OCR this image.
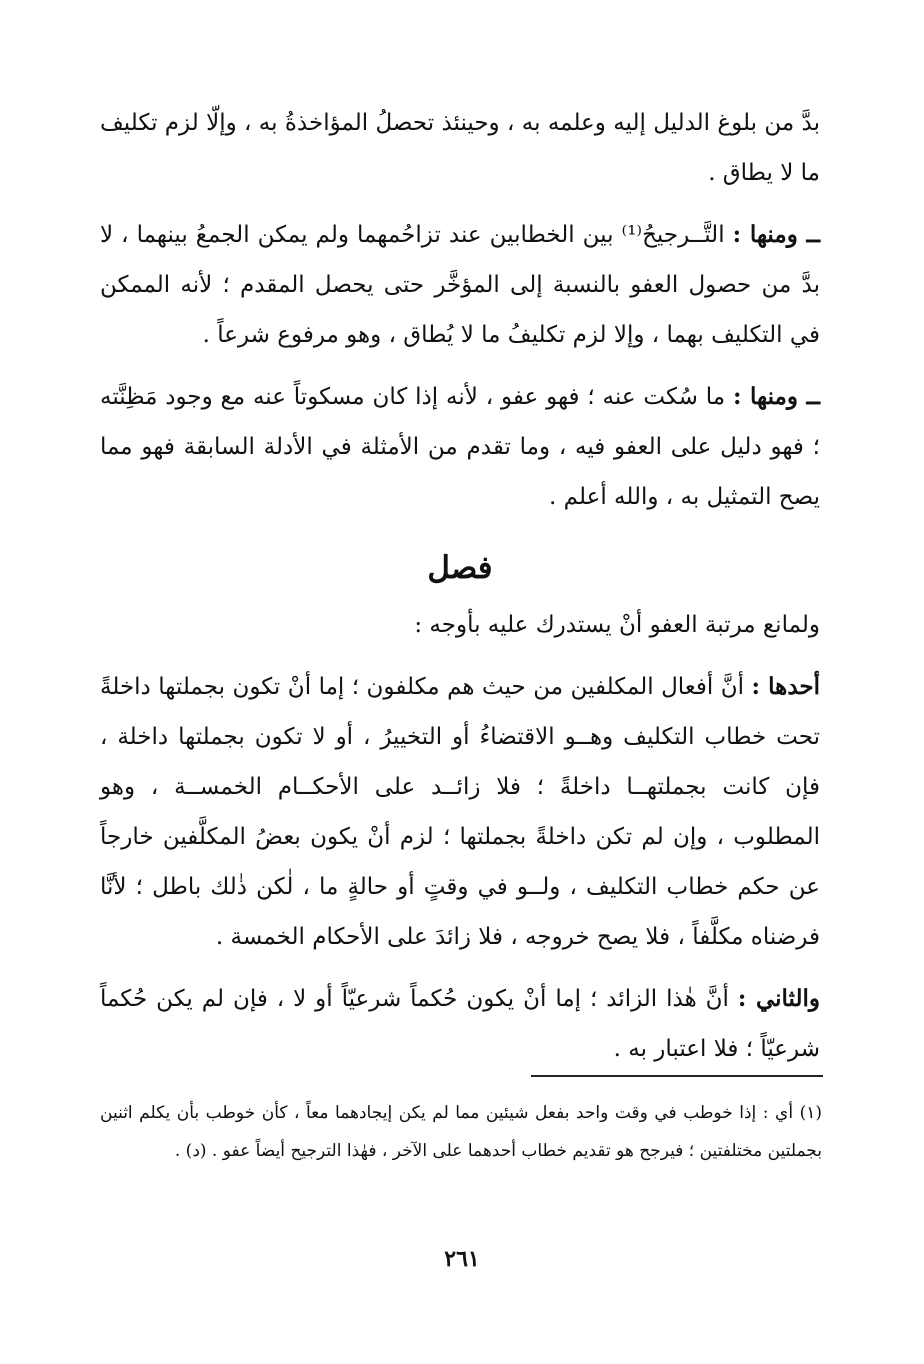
بدَّ من بلوغ الدليل إليه وعلمه به ، وحينئذ تحصلُ المؤاخذةُ به ، وإلّا لزم تكليف ما لا يطاق .

ــ ومنها : التَّــرجيحُ⁽¹⁾ بين الخطابين عند تزاحُمهما ولم يمكن الجمعُ بينهما ، لا بدَّ من حصول العفو بالنسبة إلى المؤخَّر حتى يحصل المقدم ؛ لأنه الممكن في التكليف بهما ، وإلا لزم تكليفُ ما لا يُطاق ، وهو مرفوع شرعاً .

ــ ومنها : ما سُكت عنه ؛ فهو عفو ، لأنه إذا كان مسكوتاً عنه مع وجود مَظِنَّته ؛ فهو دليل على العفو فيه ، وما تقدم من الأمثلة في الأدلة السابقة فهو مما يصح التمثيل به ، والله أعلم .

فصل

ولمانع مرتبة العفو أنْ يستدرك عليه بأوجه :

أحدها : أنَّ أفعال المكلفين من حيث هم مكلفون ؛ إما أنْ تكون بجملتها داخلةً تحت خطاب التكليف وهــو الاقتضاءُ أو التخييرُ ، أو لا تكون بجملتها داخلة ، فإن كانت بجملتهــا داخلةً ؛ فلا زائــد على الأحكــام الخمســة ، وهو المطلوب ، وإن لم تكن داخلةً بجملتها ؛ لزم أنْ يكون بعضُ المكلَّفين خارجاً عن حكم خطاب التكليف ، ولــو في وقتٍ أو حالةٍ ما ، لٰكن ذٰلك باطل ؛ لأنَّا فرضناه مكلَّفاً ، فلا يصح خروجه ، فلا زائدَ على الأحكام الخمسة .

والثاني : أنَّ هٰذا الزائد ؛ إما أنْ يكون حُكماً شرعيّاً أو لا ، فإن لم يكن حُكماً شرعيّاً ؛ فلا اعتبار به .

(١) أي : إذا خوطب في وقت واحد بفعل شيئين مما لم يكن إيجادهما معاً ، كأن خوطب بأن يكلم اثنين بجملتين مختلفتين ؛ فيرجح هو تقديم خطاب أحدهما على الآخر ، فهٰذا الترجيح أيضاً عفو . (د) .

٢٦١
